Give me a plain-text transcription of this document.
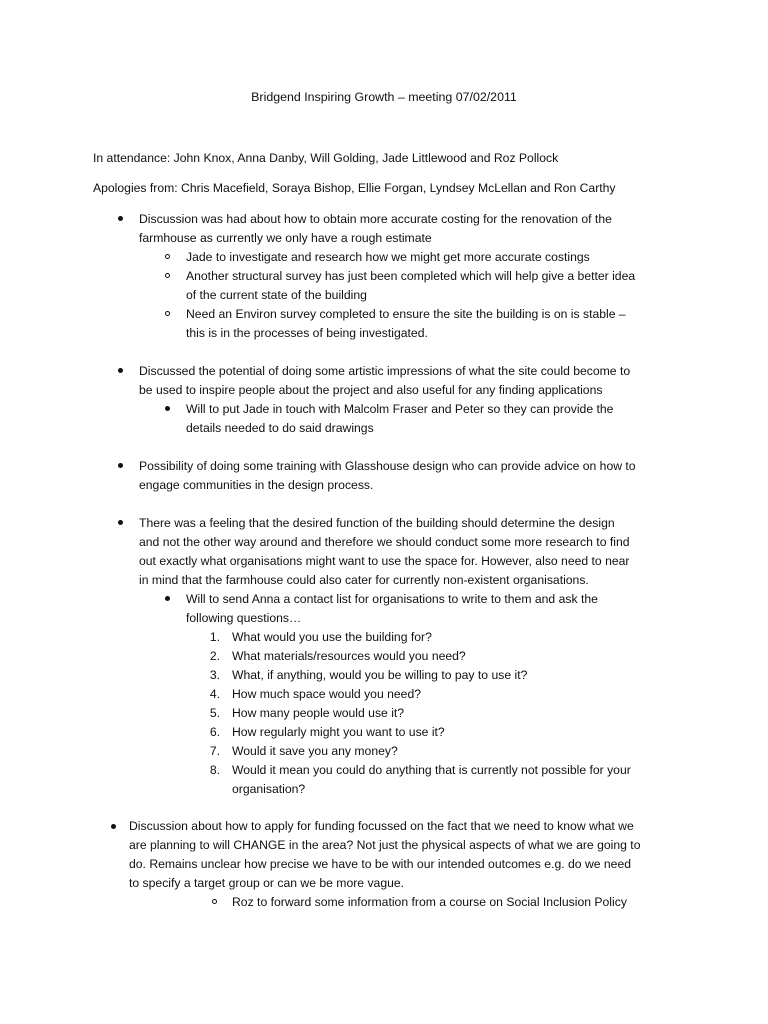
Bridgend Inspiring Growth – meeting 07/02/2011
In attendance: John Knox, Anna Danby, Will Golding, Jade Littlewood and Roz Pollock
Apologies from: Chris Macefield, Soraya Bishop, Ellie Forgan, Lyndsey McLellan and Ron Carthy
Discussion was had about how to obtain more accurate costing for the renovation of the
farmhouse as currently we only have a rough estimate
Jade to investigate and research how we might get more accurate costings
Another structural survey has just been completed which will help give a better idea
of the current state of the building
Need an Environ survey completed to ensure the site the building is on is stable –
this is in the processes of being investigated.
Discussed the potential of doing some artistic impressions of what the site could become to
be used to inspire people about the project and also useful for any finding applications
Will to put Jade in touch with Malcolm Fraser and Peter so they can provide the
details needed to do said drawings
Possibility of doing some training with Glasshouse design who can provide advice on how to
engage communities in the design process.
There was a feeling that the desired function of the building should determine the design
and not the other way around and therefore we should conduct some more research to find
out exactly what organisations might want to use the space for. However, also need to near
in mind that the farmhouse could also cater for currently non-existent organisations.
Will to send Anna a contact list for organisations to write to them and ask the
following questions…
1. What would you use the building for?
2. What materials/resources would you need?
3. What, if anything, would you be willing to pay to use it?
4. How much space would you need?
5. How many people would use it?
6. How regularly might you want to use it?
7. Would it save you any money?
8. Would it mean you could do anything that is currently not possible for your
organisation?
Discussion about how to apply for funding focussed on the fact that we need to know what we
are planning to will CHANGE in the area? Not just the physical aspects of what we are going to
do. Remains unclear how precise we have to be with our intended outcomes e.g. do we need
to specify a target group or can we be more vague.
Roz to forward some information from a course on Social Inclusion Policy
